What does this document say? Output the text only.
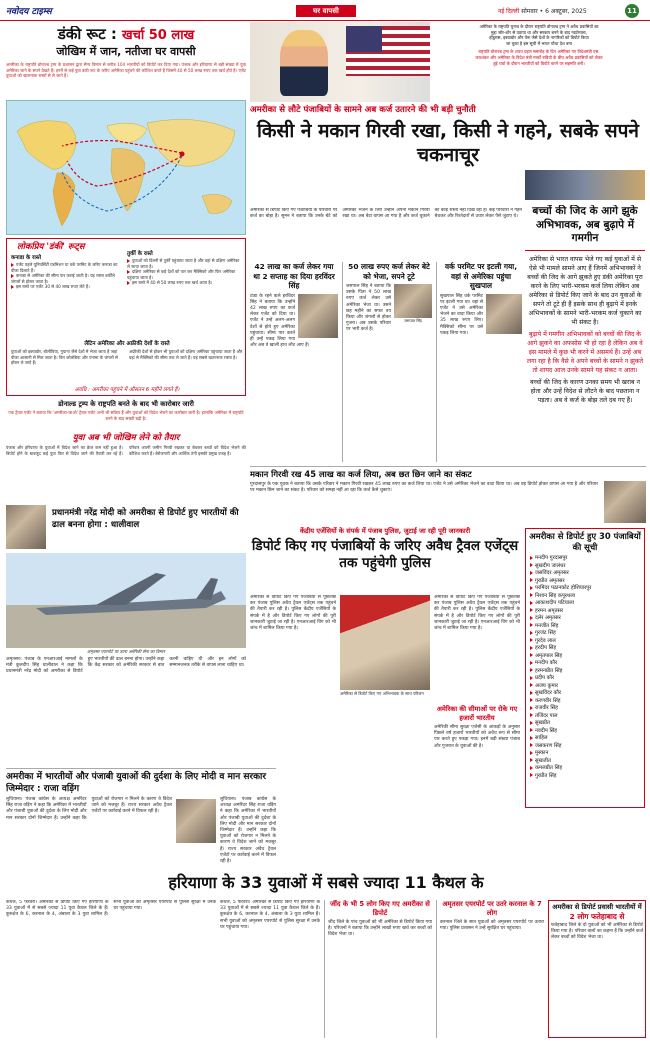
नवोदय टाइम्स	घर वापसी	नई दिल्ली सोमवार • 6 अक्टूबर, 2025	11
डंकी रूट : खर्चा 50 लाख
जोखिम में जान, नतीजा घर वापसी
अमरीका के राष्ट्रपति डोनाल्ड ट्रम्प के प्रशासन द्वारा सैन्य विमान से करीब 104 भारतीयों को डिपोर्ट कर दिया गया। पंजाब और हरियाणा से बड़ी संख्या में युवा अमेरिका जाने के सपने देखते हैं। इनमें से कई युवा डंकी रूट के जरिए अमेरिका पहुंचने की कोशिश करते हैं जिसमें 40 से 50 लाख रुपए तक खर्च होते हैं। एजेंट युवाओं को खतरनाक रास्तों से ले जाते हैं।
अमेरिका के राष्ट्रपति चुनाव के दौरान राष्ट्रपति डोनाल्ड ट्रम्प ने अवैध प्रवासियों का
मुद्दा जोर-शोर से उठाया था और सरकार बनने के बाद ग्वाटेमाला,
होंडुरास, इक्वाडोर और पेरू जैसे देशों के नागरिकों को डिपोर्ट किया
जा चुका है इस सूची में भारत चौथा देश बना
राष्ट्रपति डोनाल्ड ट्रम्प के शपथ ग्रहण समारोह के दिन अमेरिका गए विदेशमंत्री एस.
जयशंकर और अमेरिका के विदेश मंत्री मार्को रुबियो के बीच अवैध प्रवासियों को लेकर
हुई चर्चा के दौरान भारतीयों को डिपोर्ट करने पर सहमति बनी।
लोकप्रिय 'डंकी' रूट्स
कनाडा के रास्ते
एजेंट पहले यूनिवर्सिटी एडमिशन या वर्क परमिट के जरिए कनाडा का वीजा दिलाते हैं।
कनाडा से अमेरिका की सीमा पार कराई जाती है। यह रास्ता बर्फीले जंगलों से होकर जाता है।
इस रास्ते पर एजेंट 30 से 40 लाख रुपए लेते हैं।
तुर्की के रास्ते
युवाओं को दिल्ली से तुर्की पहुंचाया जाता है और वहां से दक्षिण अमेरिका ले जाया जाता है।
दक्षिण अमेरिका से कई देशों को पार कर मैक्सिको और फिर अमेरिका पहुंचाया जाता है।
इस रास्ते में 40 से 50 लाख रुपए तक खर्च आता है।
लैटिन अमेरिका और अफ्रीकी देशों के रास्ते
युवाओं को इक्वाडोर, बोलीविया, गुयाना जैसे देशों में भेजा जाता है जहां वीजा आसानी से मिल जाता है। फिर कोलंबिया और पनामा के जंगलों से होकर ले जाते हैं।
अफ्रीकी देशों से होकर भी युवाओं को दक्षिण अमेरिका पहुंचाया जाता है और वहां से मैक्सिको की सीमा तक ले जाते हैं। यह सबसे खतरनाक रास्ता है।
अवधि : अमरीका पहुंचने में औसतन 6 महीने लगते हैं।
डोनाल्ड ट्रम्प के राष्ट्रपति बनते के बाद भी कारोबार जारी
एक ट्रैवल एजेंट ने बताया कि 'अमरीका-जाओ' ट्रैवल एजेंट अभी भी सक्रिय हैं और युवाओं को विदेश भेजने का कारोबार जारी है। हालांकि अमेरिका में राष्ट्रपति बनने के बाद सख्ती बढ़ी है।
युवा अब भी जोखिम लेने को तैयार
पंजाब और हरियाणा के युवाओं में विदेश जाने का क्रेज कम नहीं हुआ है। डिपोर्ट होने के बावजूद कई युवा फिर से विदेश जाने की तैयारी कर रहे हैं। परिवार अपनी जमीन गिरवी रखकर या बेचकर बच्चों को विदेश भेजने की कोशिश करते हैं। बेरोजगारी और आर्थिक तंगी इसकी प्रमुख वजह है।
अमरीका से लौटे पंजाबियों के सामने अब कर्ज उतारने की भी बड़ी चुनौती
किसी ने मकान गिरवी रखा, किसी ने गहने, सबके सपने चकनाचूर
अमेरिका से डिपोर्ट किए गए पंजाबियों के परिवारों पर कर्ज का बोझ है। सुमन ने बताया कि उनके बेटे को अमेरिका भेजने के लिए उन्होंने अपना मकान गिरवी रखा था। अब बेटा वापस आ गया है और कर्ज चुकाने का कोई रास्ता नहीं दिख रहा है। कई परिवारों ने गहने बेचकर और रिश्तेदारों से उधार लेकर पैसे जुटाए थे।	बच्चों की जिद के आगे झुके अभिभावक, अब बुढ़ापे में गमगीन
अमेरिका से भारत वापस भेजे गए कई युवाओं में से ऐसे भी मामले सामने आए हैं जिनमें अभिभावकों ने बच्चों की जिद के आगे झुकते हुए डंकी अमेरिका पूरा करने के लिए भारी-भरकम कर्ज लिया लेकिन अब अमेरिका से डिपोर्ट किए जाने के बाद उन युवाओं के सपने तो टूटे ही हैं इसके साथ ही बुढ़ापे में इनके अभिभावकों के सामने भारी-भरकम कर्ज चुकाने का भी संकट है।
बुढ़ापे में गमगीन अभिभावकों को बच्चों की जिद के आगे झुकने का अफसोस भी हो रहा है लेकिन अब वे इस मामले में कुछ भी करने में असमर्थ हैं। उन्हें अब लगा रहा है कि वैसे वे अपने बच्चों के सामने न झुकते तो शायद आज उनके सामने यह संकट न आता।
बच्चों की जिद के कारण उनका समय भी खराब न होता और उन्हें विदेश से लौटने के बाद पछताना न पड़ता। अब वे कर्ज के बोझ तले दब गए हैं।
42 लाख का कर्ज लेकर गया था 2 सप्ताह का दिया हरविंदर सिंह
टांडा के रहने वाले हरविंदर सिंह ने बताया कि उन्होंने 42 लाख रुपए का कर्ज लेकर एजेंट को दिया था। एजेंट ने उन्हें अलग-अलग देशों से होते हुए अमेरिका पहुंचाया। सीमा पार करते ही उन्हें पकड़ लिया गया और अब वे खाली हाथ लौट आए हैं।
50 लाख रुपए कर्ज लेकर बेटे को भेजा, सपने टूटे
जसपाल सिंह
जसपाल सिंह ने बताया कि उसके पिता ने 50 लाख रुपए कर्ज लेकर उसे अमेरिका भेजा था। उसने छह महीने का सफर तय किया और जंगलों से होकर गुजरा। अब उसके परिवार पर भारी कर्ज है।
वर्क परमिट पर इटली गया, वहां से अमेरिका पहुंचा सुखपाल
सुखपाल सिंह वर्क परमिट पर इटली गया था। वहां से एजेंट ने उसे अमेरिका भेजने का वादा किया और 35 लाख रुपए लिए। मैक्सिको सीमा पर उसे पकड़ लिया गया।
मकान गिरवी रख 45 लाख का कर्ज लिया, अब छत छिन जाने का संकट
गुरदासपुर के एक युवक ने बताया कि उसके परिवार ने मकान गिरवी रखकर 45 लाख रुपए का कर्ज लिया था। एजेंट ने उसे अमेरिका भेजने का वादा किया था। अब वह डिपोर्ट होकर वापस आ गया है और परिवार पर मकान छिन जाने का संकट है। परिवार को समझ नहीं आ रहा कि कर्ज कैसे चुकाएं।
केंद्रीय एजेंसियों के संपर्क में पंजाब पुलिस, जुटाई जा रही पूरी जानकारी
डिपोर्ट किए गए पंजाबियों के जरिए अवैध ट्रैवल एजेंट्स तक पहुंचेगी पुलिस
अमरीका से डिपोर्ट हुए 30 पंजाबियों की सूची
मनदीप गुरदासपुर
सुखदीप जालंधर
जसविंदर अमृतसर
गुरप्रीत अमृतसर
परमिंदर पठानकोट होशियारपुर
निशान सिंह कपूरथला
आकाशदीप पटियाला
हरमन अमृतसर
दलेर अमृतसर
मनजीत सिंह
गुरजंट सिंह
गुरदेव लाल
हरदीप सिंह
अमृतपाल सिंह
मनदीप कौर
हरमनप्रीत सिंह
प्रदीप कौर
अजय कुमार
सुखविंदर कौर
करणवीर सिंह
राजवीर सिंह
तजिंदर पाल
सुखप्रीत
नवदीप सिंह
साहिल
जसकरण सिंह
मुस्कान
सुखजीत
कमलप्रीत सिंह
गुरप्रीत सिंह
अमेरिका से डिपोर्ट किए गए पंजाबियों से पूछताछ कर पंजाब पुलिस अवैध ट्रैवल एजेंट्स तक पहुंचने की तैयारी कर रही है। पुलिस केंद्रीय एजेंसियों के संपर्क में है और डिपोर्ट किए गए लोगों की पूरी जानकारी जुटाई जा रही है। एनआरआई विंग को भी जांच में शामिल किया गया है।
अमेरिका से डिपोर्ट किए गए अभिभावक के साथ परिजन
अमेरिका से डिपोर्ट किए गए पंजाबियों से पूछताछ कर पंजाब पुलिस अवैध ट्रैवल एजेंट्स तक पहुंचने की तैयारी कर रही है। पुलिस केंद्रीय एजेंसियों के संपर्क में है और डिपोर्ट किए गए लोगों की पूरी जानकारी जुटाई जा रही है। एनआरआई विंग को भी जांच में शामिल किया गया है।
अमेरिका की सीमाओं पर रोके गए हजारों भारतीय
अमेरिकी सीमा सुरक्षा एजेंसी के आंकड़ों के अनुसार पिछले वर्ष हजारों भारतीयों को अवैध रूप से सीमा पार करते हुए पकड़ा गया। इनमें बड़ी संख्या पंजाब और गुजरात के युवाओं की है।
प्रधानमंत्री नरेंद्र मोदी को अमरीका से डिपोर्ट हुए भारतीयों की ढाल बनना होगा : धालीवाल
अमृतसर एयरपोर्ट पर उतरा अमेरिकी सेना का विमान
अमृतसर। पंजाब के एनआरआई मामलों के मंत्री कुलदीप सिंह धालीवाल ने कहा कि प्रधानमंत्री नरेंद्र मोदी को अमरीका से डिपोर्ट हुए भारतीयों की ढाल बनना होगा। उन्होंने कहा कि केंद्र सरकार को अमेरिकी सरकार से बात करनी चाहिए थी और इन लोगों को सम्मानजनक तरीके से वापस लाना चाहिए था।
अमरीका में भारतीयों और पंजाबी युवाओं की दुर्दशा के लिए मोदी व मान सरकार जिम्मेदार : राजा वड़िंग
लुधियाना। पंजाब कांग्रेस के अध्यक्ष अमरिंदर सिंह राजा वड़िंग ने कहा कि अमेरिका में भारतीयों और पंजाबी युवाओं की दुर्दशा के लिए मोदी और मान सरकार दोनों जिम्मेदार हैं। उन्होंने कहा कि युवाओं को रोजगार न मिलने के कारण वे विदेश जाने को मजबूर हैं। राज्य सरकार अवैध ट्रैवल एजेंटों पर कार्रवाई करने में विफल रही है।
लुधियाना। पंजाब कांग्रेस के अध्यक्ष अमरिंदर सिंह राजा वड़िंग ने कहा कि अमेरिका में भारतीयों और पंजाबी युवाओं की दुर्दशा के लिए मोदी और मान सरकार दोनों जिम्मेदार हैं। उन्होंने कहा कि युवाओं को रोजगार न मिलने के कारण वे विदेश जाने को मजबूर हैं। राज्य सरकार अवैध ट्रैवल एजेंटों पर कार्रवाई करने में विफल रही है।
हरियाणा के 33 युवाओं में सबसे ज्यादा 11 कैथल के
कैथल, 5 फरवरी। अमेरिका से डिपोर्ट किए गए हरियाणा के 33 युवाओं में से सबसे ज्यादा 11 युवा कैथल जिले के हैं। कुरुक्षेत्र के 6, करनाल के 4, अंबाला के 3 युवा शामिल हैं। सभी युवाओं को अमृतसर एयरपोर्ट से पुलिस सुरक्षा में उनके घर पहुंचाया गया।
कैथल, 5 फरवरी। अमेरिका से डिपोर्ट किए गए हरियाणा के 33 युवाओं में से सबसे ज्यादा 11 युवा कैथल जिले के हैं। कुरुक्षेत्र के 6, करनाल के 4, अंबाला के 3 युवा शामिल हैं। सभी युवाओं को अमृतसर एयरपोर्ट से पुलिस सुरक्षा में उनके घर पहुंचाया गया।
जींद के भी 5 लोग किए गए अमरीका से डिपोर्ट
जींद जिले के पांच युवाओं को भी अमेरिका से डिपोर्ट किया गया है। परिजनों ने बताया कि उन्होंने लाखों रुपए खर्च कर बच्चों को विदेश भेजा था।
अमृतसर एयरपोर्ट पर उतरे करनाल के 7 लोग
करनाल जिले के सात युवाओं को अमृतसर एयरपोर्ट पर उतारा गया। पुलिस प्रशासन ने उन्हें सुरक्षित घर पहुंचाया।
अमरीका से डिपोर्ट प्रवासी भारतीयों में
2 लोग फतेहाबाद से
फतेहाबाद जिले के दो युवाओं को भी अमेरिका से डिपोर्ट किया गया है। परिवार वालों का कहना है कि उन्होंने कर्ज लेकर बच्चों को विदेश भेजा था।
